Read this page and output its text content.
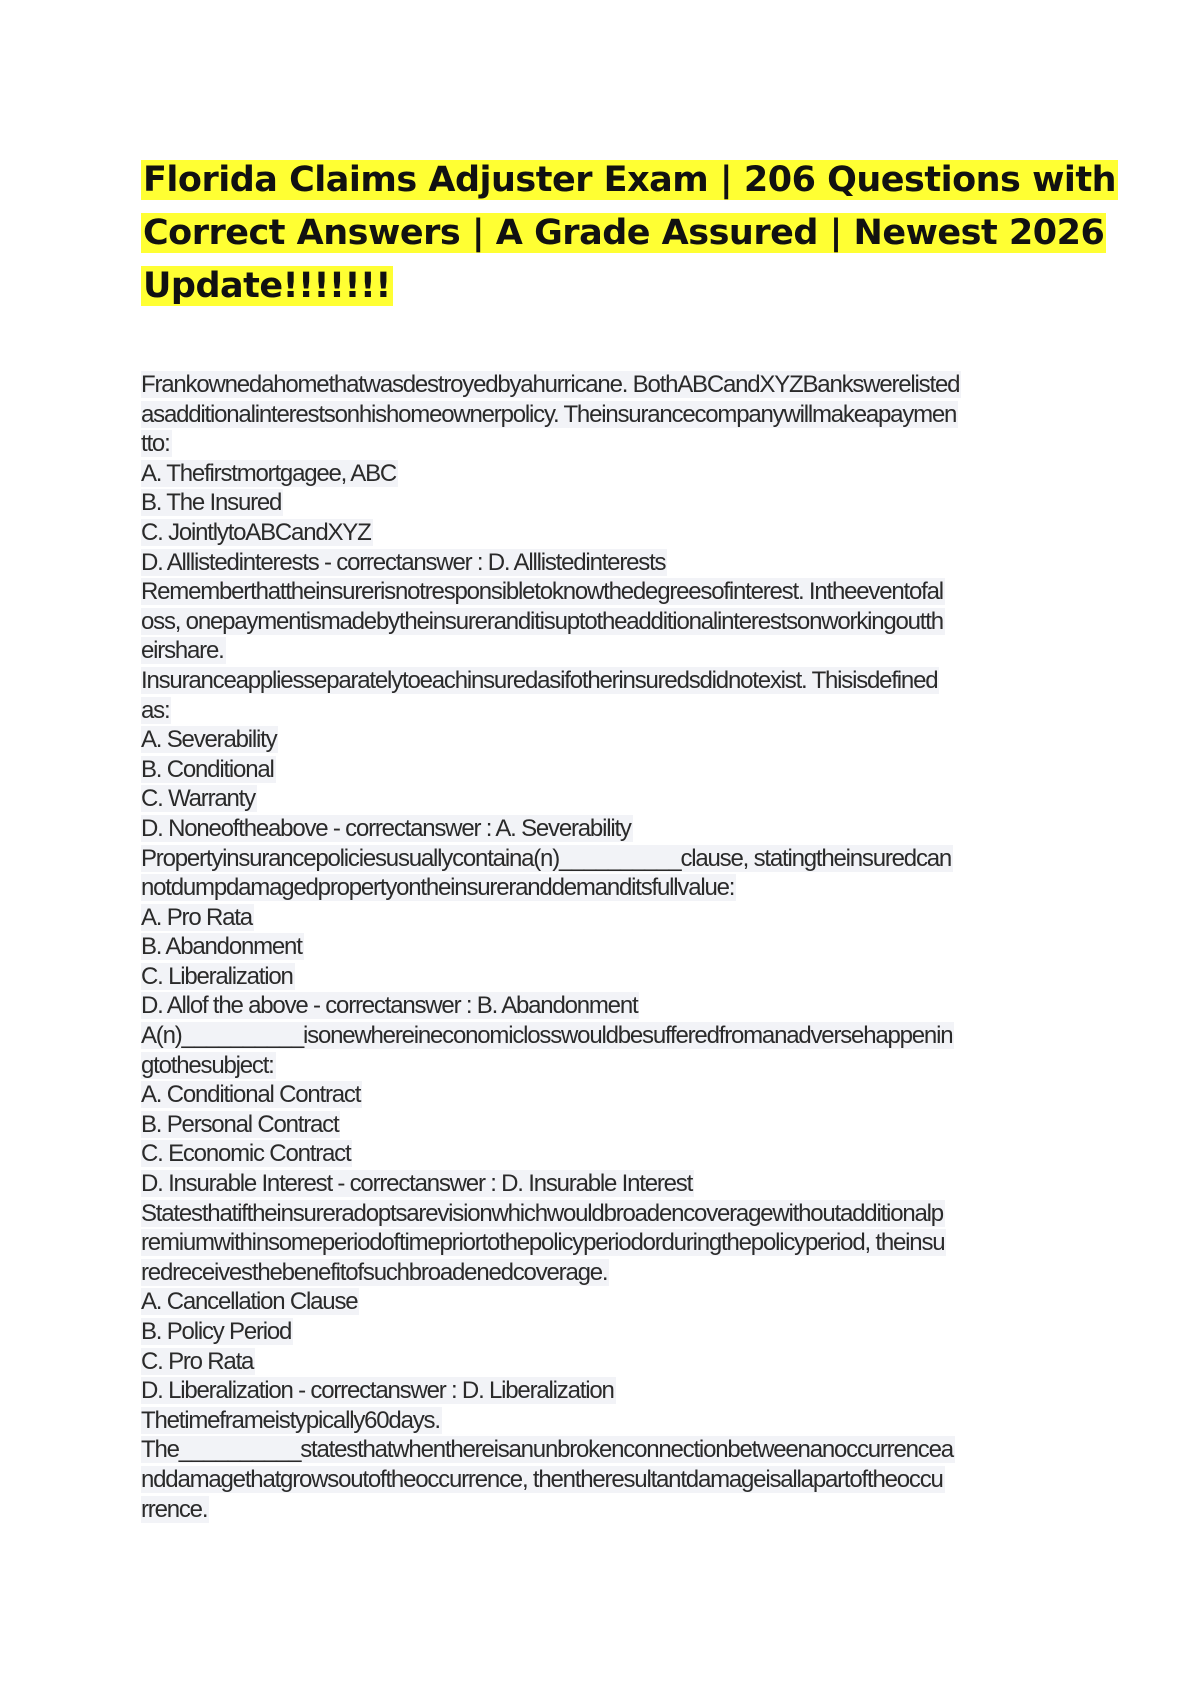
Florida Claims Adjuster Exam | 206 Questions with
Correct Answers | A Grade Assured | Newest 2026
Update!!!!!!!
Frankownedahomethatwasdestroyedbyahurricane. BothABCandXYZBankswerelisted
asadditionalinterestsonhishomeownerpolicy. Theinsurancecompanywillmakeapaymen
tto:
A. Thefirstmortgagee, ABC
B. The Insured
C. JointlytoABCandXYZ
D. Alllistedinterests - correctanswer : D. Alllistedinterests
Rememberthattheinsurerisnotresponsibletoknowthedegreesofinterest. Intheeventofal
oss, onepaymentismadebytheinsureranditisuptotheadditionalinterestsonworkingoutth
eirshare.
Insuranceappliesseparatelytoeachinsuredasifotherinsuredsdidnotexist. Thisisdefined
as:
A. Severability
B. Conditional
C. Warranty
D. Noneoftheabove - correctanswer : A. Severability
Propertyinsurancepoliciesusuallycontaina(n)__________clause, statingtheinsuredcan
notdumpdamagedpropertyontheinsureranddemanditsfullvalue:
A. Pro Rata
B. Abandonment
C. Liberalization
D. Allof the above - correctanswer : B. Abandonment
A(n)__________isonewhereineconomiclosswouldbesufferedfromanadversehappenin
gtothesubject:
A. Conditional Contract
B. Personal Contract
C. Economic Contract
D. Insurable Interest - correctanswer : D. Insurable Interest
Statesthatiftheinsureradoptsarevisionwhichwouldbroadencoveragewithoutadditionalp
remiumwithinsomeperiodoftimepriortothepolicyperiodorduringthepolicyperiod, theinsu
redreceivesthebenefitofsuchbroadenedcoverage.
A. Cancellation Clause
B. Policy Period
C. Pro Rata
D. Liberalization - correctanswer : D. Liberalization
Thetimeframeistypically60days.
The__________statesthatwhenthereisanunbrokenconnectionbetweenanoccurrencea
nddamagethatgrowsoutoftheoccurrence, thentheresultantdamageisallapartoftheoccu
rrence.
